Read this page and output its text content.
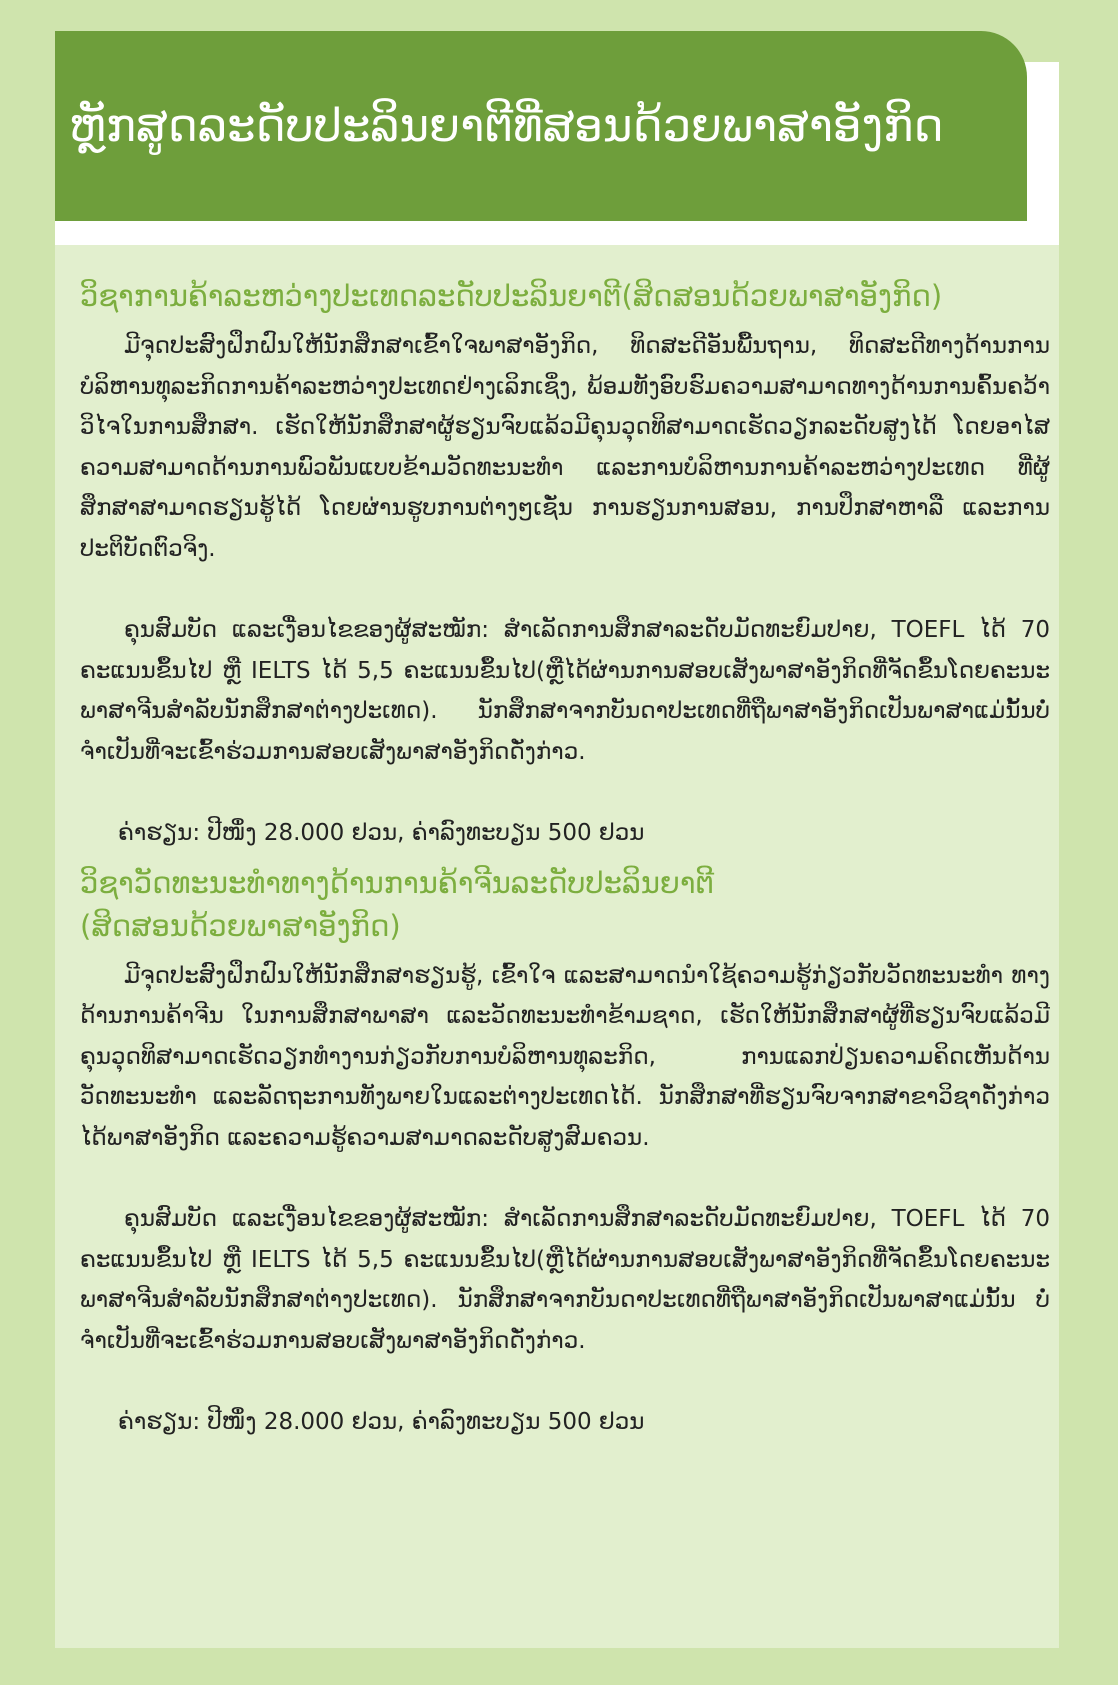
ຫຼັກສູດລະດັບປະລິນຍາຕີທີ່ສອນດ້ວຍພາສາອັງກິດ
ວິຊາການຄ້າລະຫວ່າງປະເທດລະດັບປະລິນຍາຕີ(ສິດສອນດ້ວຍພາສາອັງກິດ)

ມີຈຸດປະສົງຝຶກຝົນໃຫ້ນັກສຶກສາເຂົ້າໃຈພາສາອັງກິດ, ທິດສະດີອັນພື້ນຖານ, ທິດສະດີທາງດ້ານການບໍລິຫານທຸລະກິດການຄ້າລະຫວ່າງປະເທດຢ່າງເລິກເຊິ່ງ, ພ້ອມທັງອົບຮົມຄວາມສາມາດທາງດ້ານການຄົ້ນຄວ້າວິໄຈໃນການສຶກສາ. ເຮັດໃຫ້ນັກສຶກສາຜູ້ຮຽນຈົບແລ້ວມີຄຸນວຸດທິສາມາດເຮັດວຽກລະດັບສູງໄດ້ ໂດຍອາໄສຄວາມສາມາດດ້ານການພົວພັນແບບຂ້າມວັດທະນະທຳ ແລະການບໍລິຫານການຄ້າລະຫວ່າງປະເທດ ທີ່ຜູ້ສຶກສາສາມາດຮຽນຮູ້ໄດ້ ໂດຍຜ່ານຮູບການຕ່າງໆເຊັ່ນ ການຮຽນການສອນ, ການປຶກສາຫາລື ແລະການປະຕິບັດຕົວຈິງ.

ຄຸນສົມບັດ ແລະເງື່ອນໄຂຂອງຜູ້ສະໝັກ: ສຳເລັດການສຶກສາລະດັບມັດທະຍົມປາຍ, TOEFL ໄດ້ 70 ຄະແນນຂຶ້ນໄປ ຫຼື IELTS ໄດ້ 5,5 ຄະແນນຂຶ້ນໄປ(ຫຼືໄດ້ຜ່ານການສອບເສັງພາສາອັງກິດທີ່ຈັດຂຶ້ນໂດຍຄະນະພາສາຈີນສຳລັບນັກສຶກສາຕ່າງປະເທດ). ນັກສຶກສາຈາກບັນດາປະເທດທີ່ຖືພາສາອັງກິດເປັນພາສາແມ່ນັ້ນບໍ່ຈຳເປັນທີ່ຈະເຂົ້າຮ່ວມການສອບເສັງພາສາອັງກິດດັ່ງກ່າວ.

ຄ່າຮຽນ: ປີໜຶ່ງ 28.000 ຢວນ, ຄ່າລົງທະບຽນ 500 ຢວນ
ວິຊາວັດທະນະທຳທາງດ້ານການຄ້າຈີນລະດັບປະລິນຍາຕີ
(ສິດສອນດ້ວຍພາສາອັງກິດ)

ມີຈຸດປະສົງຝຶກຝົນໃຫ້ນັກສຶກສາຮຽນຮູ້, ເຂົ້າໃຈ ແລະສາມາດນຳໃຊ້ຄວາມຮູ້ກ່ຽວກັບວັດທະນະທຳ ທາງດ້ານການຄ້າຈີນ ໃນການສຶກສາພາສາ ແລະວັດທະນະທຳຂ້າມຊາດ, ເຮັດໃຫ້ນັກສຶກສາຜູ້ທີ່ຮຽນຈົບແລ້ວມີຄຸນວຸດທິສາມາດເຮັດວຽກທຳງານກ່ຽວກັບການບໍລິຫານທຸລະກິດ, ການແລກປ່ຽນຄວາມຄິດເຫັນດ້ານວັດທະນະທຳ ແລະລັດຖະການທັງພາຍໃນແລະຕ່າງປະເທດໄດ້. ນັກສຶກສາທີ່ຮຽນຈົບຈາກສາຂາວິຊາດັ່ງກ່າວໄດ້ພາສາອັງກິດ ແລະຄວາມຮູ້ຄວາມສາມາດລະດັບສູງສົມຄວນ.

ຄຸນສົມບັດ ແລະເງື່ອນໄຂຂອງຜູ້ສະໝັກ: ສຳເລັດການສຶກສາລະດັບມັດທະຍົມປາຍ, TOEFL ໄດ້ 70 ຄະແນນຂຶ້ນໄປ ຫຼື IELTS ໄດ້ 5,5 ຄະແນນຂຶ້ນໄປ(ຫຼືໄດ້ຜ່ານການສອບເສັງພາສາອັງກິດທີ່ຈັດຂຶ້ນໂດຍຄະນະພາສາຈີນສຳລັບນັກສຶກສາຕ່າງປະເທດ). ນັກສຶກສາຈາກບັນດາປະເທດທີ່ຖືພາສາອັງກິດເປັນພາສາແມ່ນັ້ນ ບໍ່ຈຳເປັນທີ່ຈະເຂົ້າຮ່ວມການສອບເສັງພາສາອັງກິດດັ່ງກ່າວ.

ຄ່າຮຽນ: ປີໜຶ່ງ 28.000 ຢວນ, ຄ່າລົງທະບຽນ 500 ຢວນ
